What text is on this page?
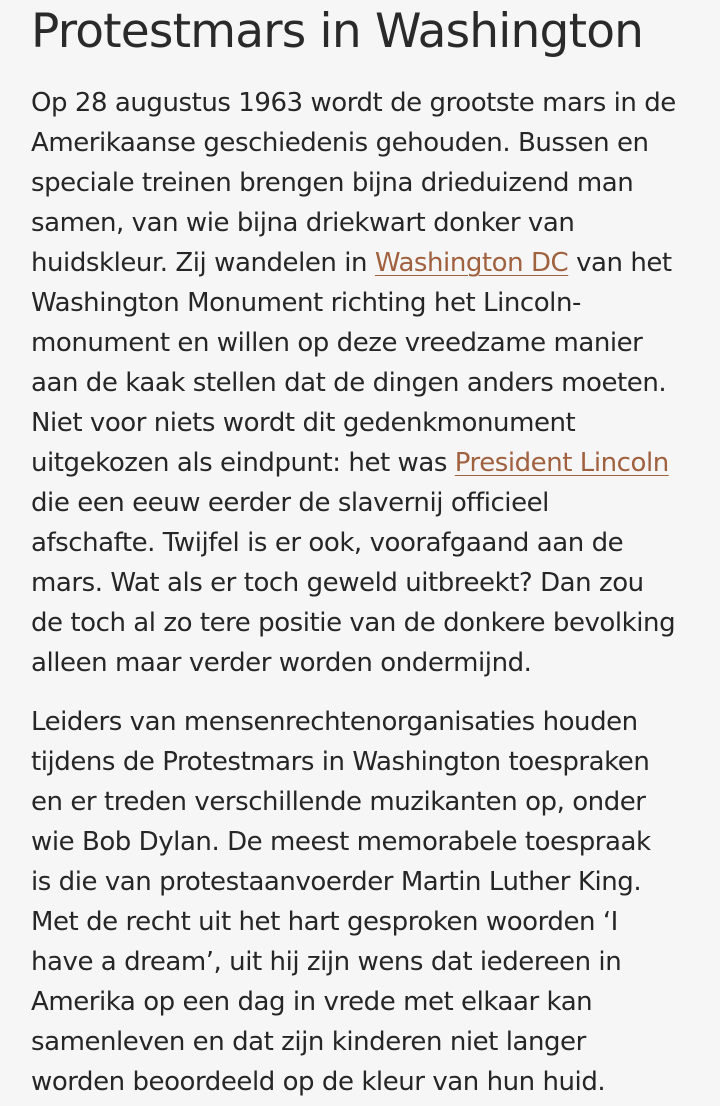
Protestmars in Washington

Op 28 augustus 1963 wordt de grootste mars in de
Amerikaanse geschiedenis gehouden. Bussen en
speciale treinen brengen bijna drieduizend man
samen, van wie bijna driekwart donker van
huidskleur. Zij wandelen in Washington DC van het
Washington Monument richting het Lincoln-
monument en willen op deze vreedzame manier
aan de kaak stellen dat de dingen anders moeten.
Niet voor niets wordt dit gedenkmonument
uitgekozen als eindpunt: het was President Lincoln
die een eeuw eerder de slavernij officieel
afschafte. Twijfel is er ook, voorafgaand aan de
mars. Wat als er toch geweld uitbreekt? Dan zou
de toch al zo tere positie van de donkere bevolking
alleen maar verder worden ondermijnd.

Leiders van mensenrechtenorganisaties houden
tijdens de Protestmars in Washington toespraken
en er treden verschillende muzikanten op, onder
wie Bob Dylan. De meest memorabele toespraak
is die van protestaanvoerder Martin Luther King.
Met de recht uit het hart gesproken woorden ‘I
have a dream’, uit hij zijn wens dat iedereen in
Amerika op een dag in vrede met elkaar kan
samenleven en dat zijn kinderen niet langer
worden beoordeeld op de kleur van hun huid.
